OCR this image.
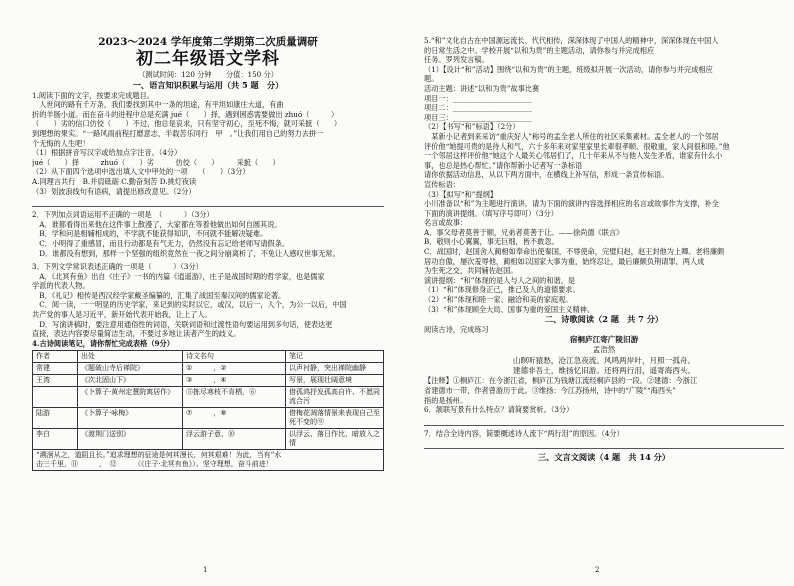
2023～2024 学年度第二学期第二次质量调研
初二年级语文学科
（测试时间：120 分钟　　分值：150 分）
一、语言知识积累与运用（共 5 题　分）
1.阅读下面的文字，按要求完成题目。
　人世间的路有千万条，我们要找到其中一条的坦途，有平坦如康庄大道，有曲
折的羊肠小道。而在奋斗的进程中总是充满 jué（　　）择，遇到困惑需要做出 zhuó（　　　）
（　　）劣的信口仿佼（　　）不过，他总是哀求，只有坚守初心，至死不悔，就可采摭（　　）
到理想的果实。“一路风雨前程打磨意志，半载苦乐同行　甲　。”让我们用自己的努力去拼一
个无悔的人生吧！
（1）根据拼音写汉字或给加点字注音。（4分）
jué（　　）择　　　zhuó（　　）劣　　　仿佼（　　）　　　采摭（　　）
（2）从下面四个选项中选出填入文中甲处的一项　　（　　）（3分）
A.同理言共行　B.并肩砥砺 C.勤奋刻苦 D.挑灯夜读
（3）划波浪线句有语病，请提出修改意见。（2分）
2．下列加点词语运用不正确的一项是　（　　　）（3分）
　A．谁都看得出来他在这件事上散漫了，大家都在等着他做出如何自圆其说。
　B．学和问是相辅相成的，不学就不能获得知识，不问就不能解决疑难。
　C．小明得了重感冒，而且行动都是有气无力，仍然没有忘记给老师写请假条。
　D．谁都没有想到，那样一个坚强的组织竟然在一夜之间分崩离析了，不免让人感叹世事无常。
3．下列文学常识表述正确的一项是（　　　）（3分）
　A．《北冥有鱼》出自《庄子》一书的内篇《逍遥游》，庄子是战国时期的哲学家，也是儒家
学派的代表人物。
　B．《礼记》相传是西汉经学家戴圣编纂的，汇集了战国至秦汉间的儒家论著。
　C．阅一读，一一明显的历史学家，来记到的实时以它，或汉，以后一，人个，为公一以后，中国
共产党的事人是习近平，新开始代表开始我，让上了人。
　D．写演讲稿时，要注意用通俗性的词语，关联词语和过渡性语句要运用到多句话，使表达更
直接，表达内容要尽量简洁生动，不要过多地让读者产生的歧义。
4.古诗阅读笔记，请你帮忙完成表格（9分）
作者	出处	诗文名句	笔记
常建	《题破山寺后禅院》	①　　　，②　　　	以声衬静，突出禅院幽静
王湾	《次北固山下》	③　　　，④　　　	写景，展现壮阔意境
	《卜算子·黄州定慧院寓居作》	⑤拣尽寒枝不肯栖，⑥　　　	借孤鸿抒发孤高自许、不愿同流合污
陆游	《卜算子·咏梅》	⑦　　　，⑧　　　	借梅花凋落情景来表现自己至死不变的⑨　　
李白	《渡荆门送别》	浮云游子意，⑩　　　	以浮云、落日作比，暗放入之情

“溯洄从之，道阻且长。”追求理想的征途是何其漫长，何其艰难！为此，当有“水
击三千里，⑪　　　，　⑫　　　（《庄子·北冥有鱼》）。坚守理想，奋斗前进！			
1
5.“和”文化自古在中国源远流长、代代相传，深深体现了中国人的精神中，深深体现在中国人
的日常生活之中。学校开展“以和为贵”的主题活动，请你参与并完成相应
任务。罗列发言稿。
（1）【设计“和”活动】围绕“以和为贵”的主题，班级拟开展一次活动，请你参与并完成相应
题。
活动主题：讲述“以和为贵”故事比赛
项目一：______________________
项目二：______________________
项目三：______________________
（2）【书写“和”标语】（2分）
　某新小记者到来采访“重庆好人”称号的孟全老人所住的社区采集素材。孟全老人的一个邻居
评价他“她提可贵的是待人和气，六十多年来对家里家里长辈很孝顺、很敬重，家人间很和睦。”他
一个邻居这样评价他“她这个人最关心邻居们了，几十年来从不与他人发生矛盾，谁家有什么小
事，也总是热心帮忙。”请你帮新小记者写一条标语
请你依据活动信息，从以下两方面中，在横线上补写信，形成一条宣传标语。
宣传标语：
（3）【拟写“和”提纲】
小川准备以“和”为主题进行演讲，请为下面的演讲内容选择相应的名言或故事作为支撑，补全
下面的演讲提纲。（填写序号即可）（3分）
名言或故事：
A．事父母者莫善于顺，兄弟者莫善于让。——徐尚德《联言》
B．敬则小心翼翼，事无巨细，皆不敢忽。
C．战国时，赵国舍人蔺相如奉命出使秦国，不辱使命，完璧归赵，赵王封他为上卿。老将廉颇
居功自傲，屡次羞辱他，蔺相如以国家大事为重，始终忍让，最后廉颇负荆请罪，两人成
为生死之交，共同辅佐赵国。
演讲提纲：“和”体现的是人与人之间的和谐，是
（1）“和”体现修身正己，推己及人的道德要求。
（2）“和”体现和睦一家、融洽和美的家庭观。
（3）“和”体现顾全大局、国事为重的爱国主义精神。
二、诗歌阅读（2 题　共 7 分）
阅读古诗，完成练习
宿桐庐江寄广陵旧游
孟浩然
山暝听猿愁，沧江急夜流。风鸣两岸叶，月照一孤舟。
建德非吾土，维扬忆旧游。还将两行泪，遥寄海西头。
【注释】①桐庐江：在今浙江省，桐庐江为钱塘江流经桐庐县的一段。②建德：今浙江
省建德市一带，作者曾游历于此。③维扬：今江苏扬州，诗中的“广陵”“海西头”
指的是扬州。
6．颔联写景有什么特点？请简要赏析。（3分）
7．结合全诗内容，简要概述诗人流下“两行泪”的原因。（4分）
三、文言文阅读（4 题　共 14 分）
2
